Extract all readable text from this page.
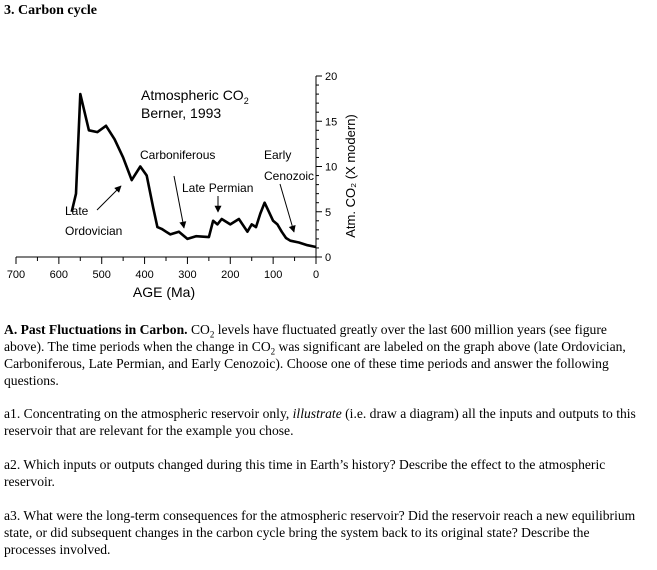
3. Carbon cycle
700 600 500 400 300 200 100	0
AGE (Ma)
0
5
10
15
20
Atm. CO₂ (X modern)
Atmospheric $CO_2$
Berner, 1993
Carboniferous
Late Permian
Early
Cenozoic
Late
Ordovician

A. Past Fluctuations in Carbon. $CO_2$ levels have fluctuated greatly over the last 600 million years (see figure above). The time periods when the change in $CO_2$ was significant are labeled on the graph above (late Ordovician, Carboniferous, Late Permian, and Early Cenozoic). Choose one of these time periods and answer the following questions.

a1. Concentrating on the atmospheric reservoir only, illustrate (i.e. draw a diagram) all the inputs and outputs to this reservoir that are relevant for the example you chose.

a2. Which inputs or outputs changed during this time in Earth’s history? Describe the effect to the atmospheric reservoir.

a3. What were the long-term consequences for the atmospheric reservoir? Did the reservoir reach a new equilibrium state, or did subsequent changes in the carbon cycle bring the system back to its original state? Describe the processes involved.
